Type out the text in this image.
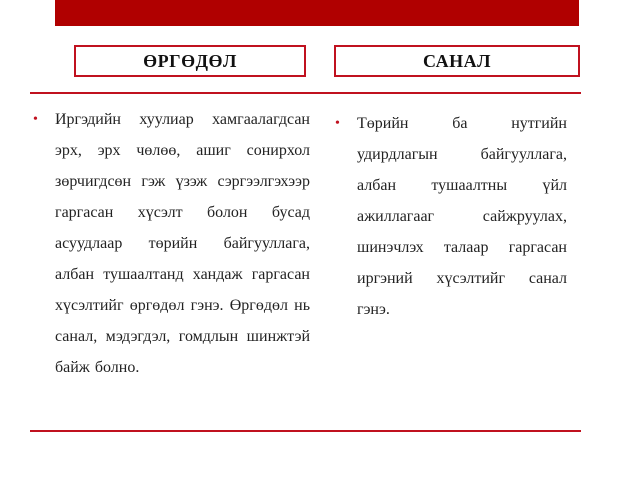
ӨРГӨДӨЛ	САНАЛ
•	Иргэдийн хуулиар хамгаалагдсан эрх, эрх чөлөө, ашиг сонирхол зөрчигдсөн гэж үзэж сэргээлгэхээр гаргасан хүсэлт болон бусад асуудлаар төрийн байгууллага, албан тушаалтанд хандаж гаргасан хүсэлтийг өргөдөл гэнэ. Өргөдөл нь санал, мэдэгдэл, гомдлын шинжтэй байж болно.
•	Төрийн ба нутгийн удирдлагын байгууллага, албан тушаалтны үйл ажиллагааг сайжруулах, шинэчлэх талаар гаргасан иргэний хүсэлтийг санал гэнэ.
